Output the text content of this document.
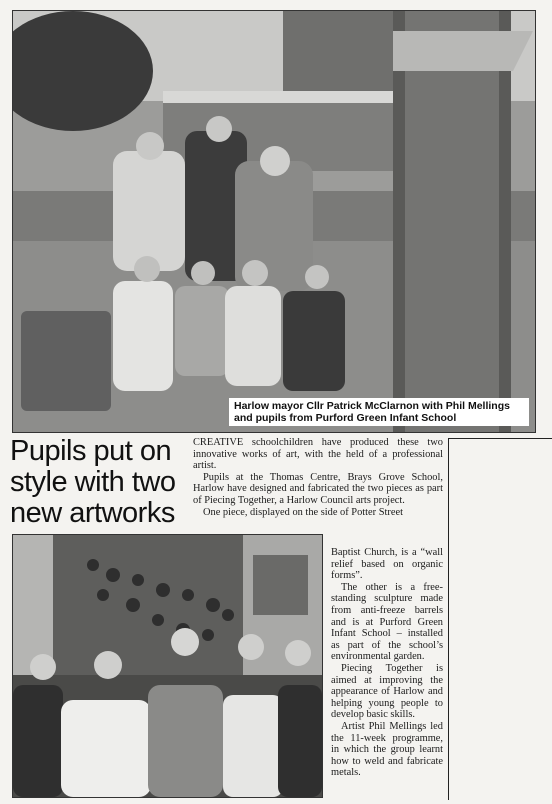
Harlow mayor Cllr Patrick McClarnon with Phil Mellings and pupils from Purford Green Infant School
Pupils put on style with two new artworks

CREATIVE schoolchildren have produced these two innovative works of art, with the held of a professional artist.

Pupils at the Thomas Centre, Brays Grove School, Harlow have designed and fabricated the two pieces as part of Piecing Together, a Harlow Council arts project.

One piece, displayed on the side of Potter Street

Baptist Church, is a “wall relief based on organic forms”.

The other is a free-standing sculpture made from anti-freeze barrels and is at Purford Green Infant School – installed as part of the school’s environmental garden.

Piecing Together is aimed at improving the appearance of Harlow and helping young people to develop basic skills.

Artist Phil Mellings led the 11-week programme, in which the group learnt how to weld and fabricate metals.
